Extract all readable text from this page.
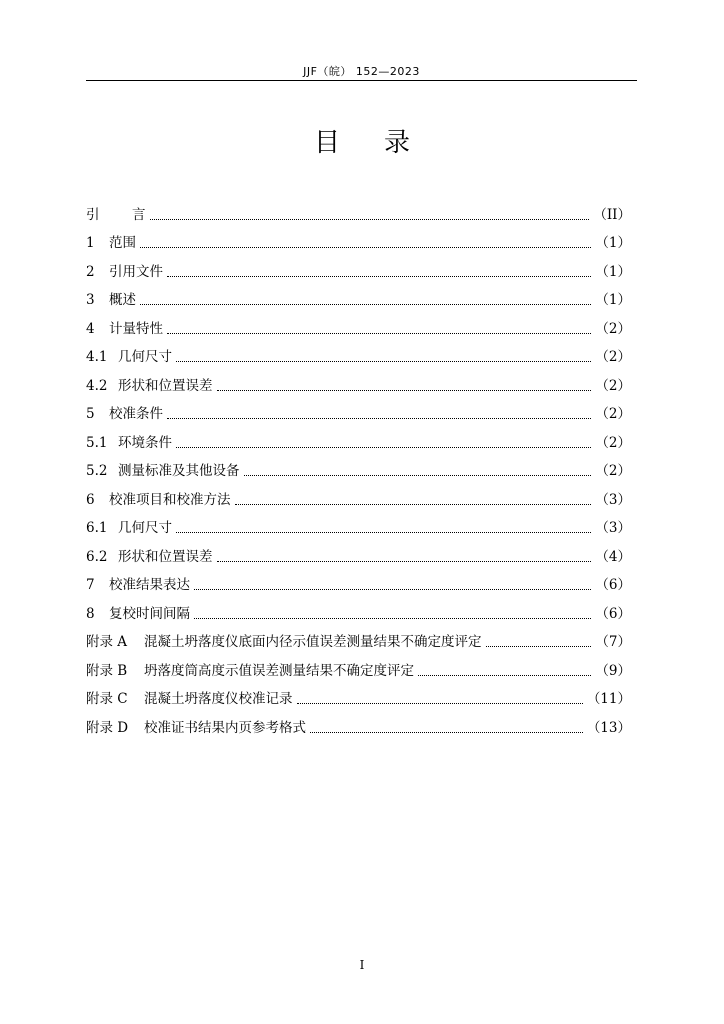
JJF（皖） 152—2023
目 录
引	言	（II）
1	范围	（1）
2	引用文件	（1）
3	概述	（1）
4	计量特性	（2）
4.1 几何尺寸	（2）
4.2 形状和位置误差	（2）
5	校准条件	（2）
5.1 环境条件	（2）
5.2 测量标准及其他设备	（2）
6	校准项目和校准方法	（3）
6.1 几何尺寸	（3）
6.2 形状和位置误差	（4）
7	校准结果表达	（6）
8	复校时间间隔	（6）
附录 A	混凝土坍落度仪底面内径示值误差测量结果不确定度评定	（7）
附录 B	坍落度筒高度示值误差测量结果不确定度评定	（9）
附录 C	混凝土坍落度仪校准记录	（11）
附录 D	校准证书结果内页参考格式	（13）
I
